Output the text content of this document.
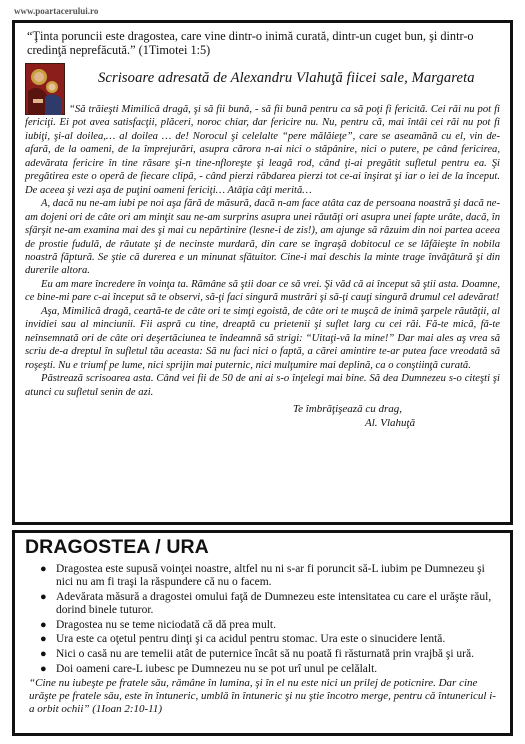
www.poartacerului.ro

“Ţinta poruncii este dragostea, care vine dintr-o inimă curată, dintr-un cuget bun, şi dintr-o credinţă neprefăcută.” (1Timotei 1:5)

Scrisoare adresată de Alexandru Vlahuţă fiicei sale, Margareta

“Să trăieşti Mimilică dragă, şi să fii bună, - să fii bună pentru ca să poţi fi fericită. Cei răi nu pot fi fericiţi. Ei pot avea satisfacţii, plăceri, noroc chiar, dar fericire nu. Nu, pentru că, mai întâi cei răi nu pot fi iubiţi, şi-al doilea,… al doilea … de! Norocul şi celelalte “pere mălăieţe”, care se aseamănă cu el, vin de-afară, de la oameni, de la împrejurări, asupra cărora n-ai nici o stăpânire, nici o putere, pe când fericirea, adevărata fericire în tine răsare şi-n tine-nfloreşte şi leagă rod, când ţi-ai pregătit sufletul pentru ea. Şi pregătirea este o operă de fiecare clipă, - când pierzi răbdarea pierzi tot ce-ai înşirat şi iar o iei de la început. De aceea şi vezi aşa de puţini oameni fericiţi… Atâţia câţi merită…

A, dacă nu ne-am iubi pe noi aşa fără de măsură, dacă n-am face atâta caz de persoana noastră şi dacă ne-am dojeni ori de câte ori am minţit sau ne-am surprins asupra unei răutăţi ori asupra unei fapte urâte, dacă, în sfârşit ne-am examina mai des şi mai cu nepărtinire (lesne-i de zis!), am ajunge să răzuim din noi partea aceea de prostie fudulă, de răutate şi de necinste murdară, din care se îngraşă dobitocul ce se lăfăieşte în nobila noastră făptură. Se ştie că durerea e un minunat sfătuitor. Cine-i mai deschis la minte trage învăţătură şi din durerile altora.

Eu am mare încredere în voinţa ta. Rămâne să ştii doar ce să vrei. Şi văd că ai început să ştii asta. Doamne, ce bine-mi pare c-ai început să te observi, să-ţi faci singură mustrări şi să-ţi cauţi singură drumul cel adevărat!

Aşa, Mimilică dragă, ceartă-te de câte ori te simţi egoistă, de câte ori te muşcă de inimă şarpele răutăţii, al invidiei sau al minciunii. Fii aspră cu tine, dreaptă cu prietenii şi suflet larg cu cei răi. Fă-te mică, fă-te neînsemnată ori de câte ori deşertăciunea te îndeamnă să strigi: “Uitaţi-vă la mine!” Dar mai ales aş vrea să scriu de-a dreptul în sufletul tău aceasta: Să nu faci nici o faptă, a cărei amintire te-ar putea face vreodată să roşeşti. Nu e triumf pe lume, nici sprijin mai puternic, nici mulţumire mai deplină, ca o conştiinţă curată.

Păstrează scrisoarea asta. Când vei fii de 50 de ani ai s-o înţelegi mai bine. Să dea Dumnezeu s-o citeşti şi atunci cu sufletul senin de azi.

Te îmbrăţişează cu drag,
Al. Vlahuţă
DRAGOSTEA / URA
● Dragostea este supusă voinţei noastre, altfel nu ni s-ar fi poruncit să-L iubim pe Dumnezeu şi nici nu am fi traşi la răspundere că nu o facem.
● Adevărata măsură a dragostei omului faţă de Dumnezeu este intensitatea cu care el urăşte răul, dorind binele tuturor.
● Dragostea nu se teme niciodată că dă prea mult.
● Ura este ca oţetul pentru dinţi şi ca acidul pentru stomac. Ura este o sinucidere lentă.
● Nici o casă nu are temelii atât de puternice încât să nu poată fi răsturnată prin vrajbă şi ură.
● Doi oameni care-L iubesc pe Dumnezeu nu se pot urî unul pe celălalt.

“Cine nu iubeşte pe fratele său, rămâne în lumina, şi în el nu este nici un prilej de poticnire. Dar cine urăşte pe fratele său, este în întuneric, umblă în întuneric şi nu ştie încotro merge, pentru că întunericul i-a orbit ochii” (1Ioan 2:10-11)
